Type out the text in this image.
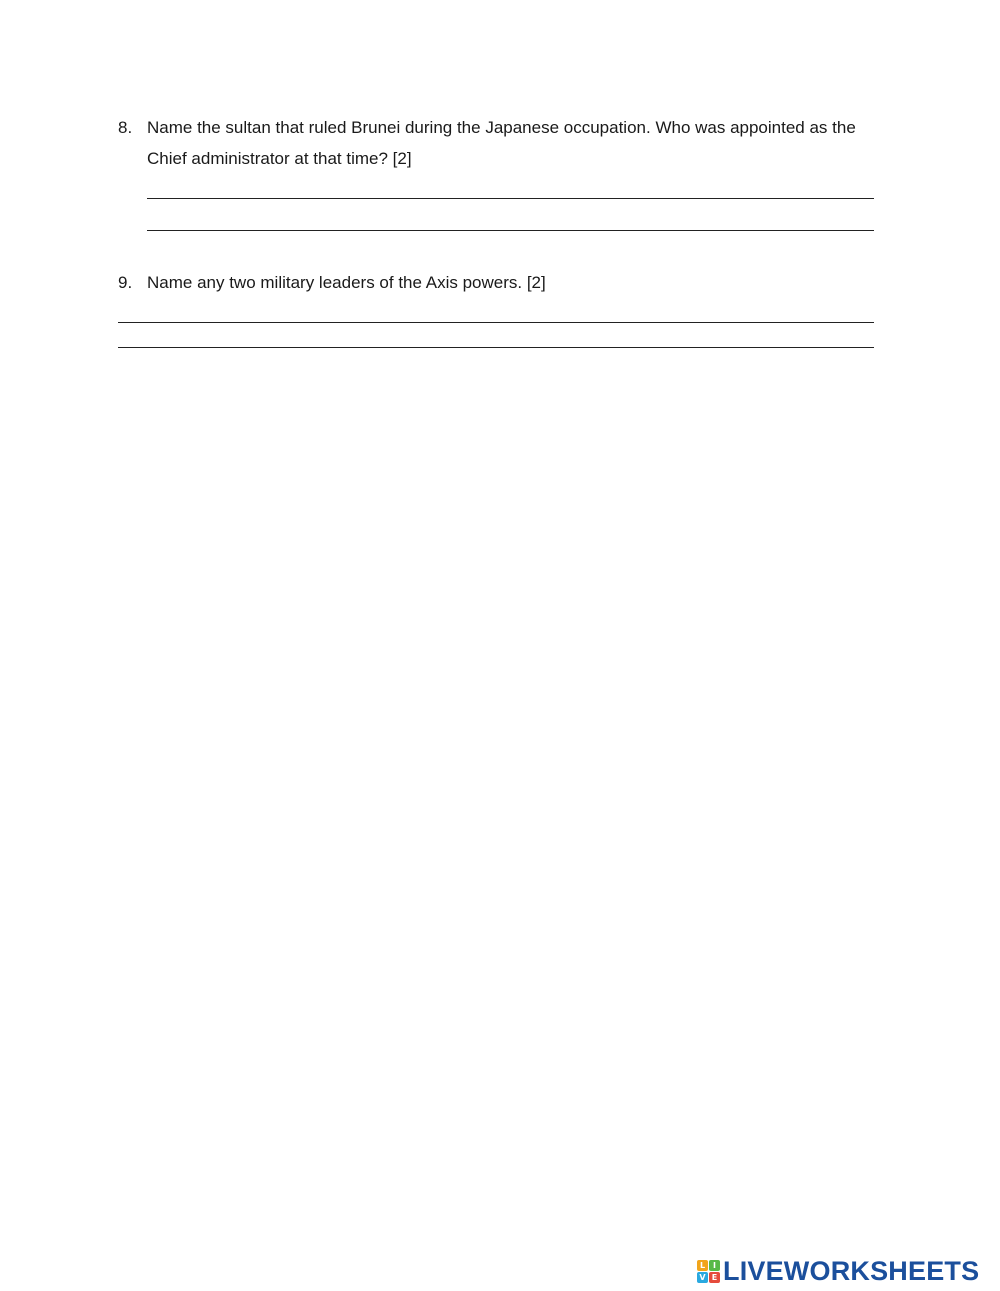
8. Name the sultan that ruled Brunei during the Japanese occupation. Who was appointed as the Chief administrator at that time? [2]
9. Name any two military leaders of the Axis powers. [2]
L I
V E LIVEWORKSHEETS
